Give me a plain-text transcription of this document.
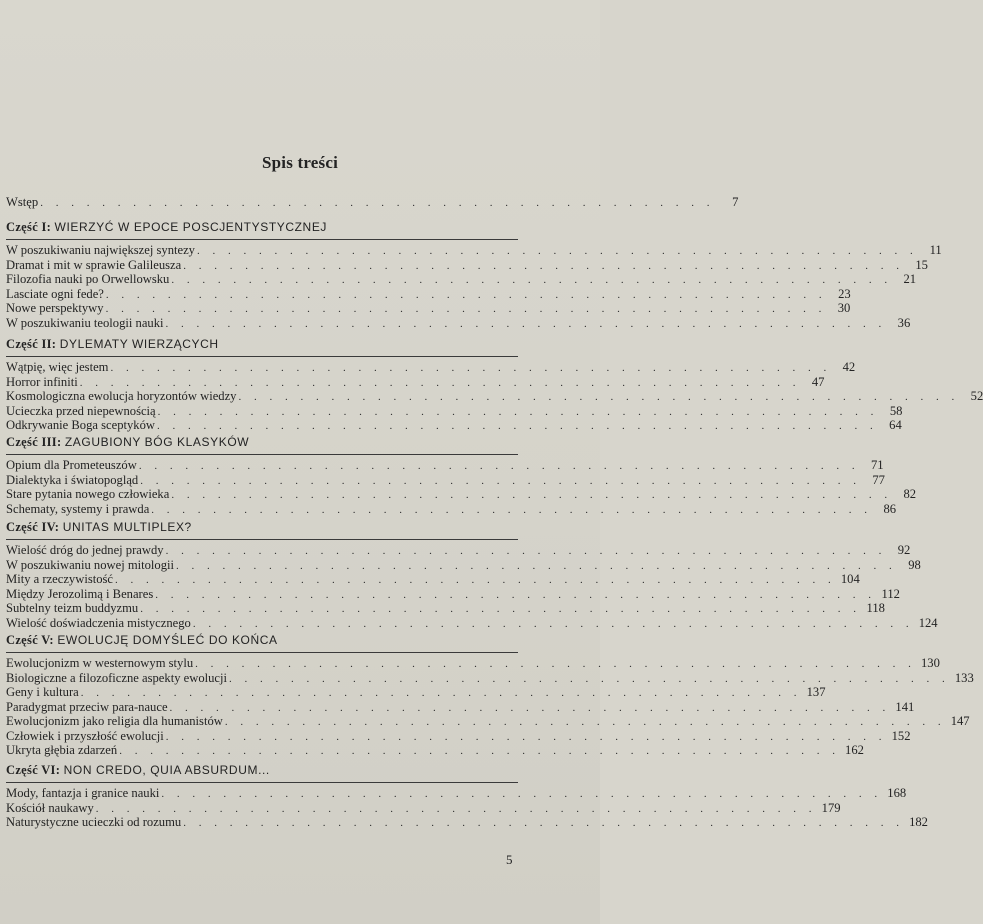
Spis treści
Wstęp . . . . . . . . . . . . . . . . . . . . . . . . . . . . . . . . . . . . . . . . . . . .	7
Część I: WIERZYĆ W EPOCE POSCJENTYSTYCZNEJ
W poszukiwaniu największej syntezy . . . . . . . . . . . . . . . . . . . . . . . . . . . . . . . . . . . . . . . . . . . . . . . 11
Dramat i mit w sprawie Galileusza . . . . . . . . . . . . . . . . . . . . . . . . . . . . . . . . . . . . . . . . . . . . . . . 15
Filozofia nauki po Orwellowsku . . . . . . . . . . . . . . . . . . . . . . . . . . . . . . . . . . . . . . . . . . . . . . . 21
Lasciate ogni fede? . . . . . . . . . . . . . . . . . . . . . . . . . . . . . . . . . . . . . . . . . . . . . . . 23
Nowe perspektywy . . . . . . . . . . . . . . . . . . . . . . . . . . . . . . . . . . . . . . . . . . . . . . . 30
W poszukiwaniu teologii nauki . . . . . . . . . . . . . . . . . . . . . . . . . . . . . . . . . . . . . . . . . . . . . . . 36
Część II: DYLEMATY WIERZĄCYCH
Wątpię, więc jestem . . . . . . . . . . . . . . . . . . . . . . . . . . . . . . . . . . . . . . . . . . . . . . . 42
Horror infiniti . . . . . . . . . . . . . . . . . . . . . . . . . . . . . . . . . . . . . . . . . . . . . . . 47
Kosmologiczna ewolucja horyzontów wiedzy . . . . . . . . . . . . . . . . . . . . . . . . . . . . . . . . . . . . . . . . . . . . . . . 52
Ucieczka przed niepewnością . . . . . . . . . . . . . . . . . . . . . . . . . . . . . . . . . . . . . . . . . . . . . . . 58
Odkrywanie Boga sceptyków . . . . . . . . . . . . . . . . . . . . . . . . . . . . . . . . . . . . . . . . . . . . . . . 64
Część III: ZAGUBIONY BÓG KLASYKÓW
Opium dla Prometeuszów . . . . . . . . . . . . . . . . . . . . . . . . . . . . . . . . . . . . . . . . . . . . . . . 71
Dialektyka i światopogląd . . . . . . . . . . . . . . . . . . . . . . . . . . . . . . . . . . . . . . . . . . . . . . . 77
Stare pytania nowego człowieka . . . . . . . . . . . . . . . . . . . . . . . . . . . . . . . . . . . . . . . . . . . . . . . 82
Schematy, systemy i prawda . . . . . . . . . . . . . . . . . . . . . . . . . . . . . . . . . . . . . . . . . . . . . . . 86
Część IV: UNITAS MULTIPLEX?
Wielość dróg do jednej prawdy . . . . . . . . . . . . . . . . . . . . . . . . . . . . . . . . . . . . . . . . . . . . . . . 92
W poszukiwaniu nowej mitologii . . . . . . . . . . . . . . . . . . . . . . . . . . . . . . . . . . . . . . . . . . . . . . . 98
Mity a rzeczywistość . . . . . . . . . . . . . . . . . . . . . . . . . . . . . . . . . . . . . . . . . . . . . . . 104
Między Jerozolimą i Benares . . . . . . . . . . . . . . . . . . . . . . . . . . . . . . . . . . . . . . . . . . . . . . . 112
Subtelny teizm buddyzmu . . . . . . . . . . . . . . . . . . . . . . . . . . . . . . . . . . . . . . . . . . . . . . . 118
Wielość doświadczenia mistycznego . . . . . . . . . . . . . . . . . . . . . . . . . . . . . . . . . . . . . . . . . . . . . . . 124
Część V: EWOLUCJĘ DOMYŚLEĆ DO KOŃCA
Ewolucjonizm w westernowym stylu . . . . . . . . . . . . . . . . . . . . . . . . . . . . . . . . . . . . . . . . . . . . . . . 130
Biologiczne a filozoficzne aspekty ewolucji . . . . . . . . . . . . . . . . . . . . . . . . . . . . . . . . . . . . . . . . . . . . . . . 133
Geny i kultura . . . . . . . . . . . . . . . . . . . . . . . . . . . . . . . . . . . . . . . . . . . . . . . 137
Paradygmat przeciw para-nauce . . . . . . . . . . . . . . . . . . . . . . . . . . . . . . . . . . . . . . . . . . . . . . . 141
Ewolucjonizm jako religia dla humanistów . . . . . . . . . . . . . . . . . . . . . . . . . . . . . . . . . . . . . . . . . . . . . . . 147
Człowiek i przyszłość ewolucji . . . . . . . . . . . . . . . . . . . . . . . . . . . . . . . . . . . . . . . . . . . . . . . 152
Ukryta głębia zdarzeń . . . . . . . . . . . . . . . . . . . . . . . . . . . . . . . . . . . . . . . . . . . . . . . 162
Część VI: NON CREDO, QUIA ABSURDUM...
Mody, fantazja i granice nauki . . . . . . . . . . . . . . . . . . . . . . . . . . . . . . . . . . . . . . . . . . . . . . . 168
Kościół naukawy . . . . . . . . . . . . . . . . . . . . . . . . . . . . . . . . . . . . . . . . . . . . . . . 179
Naturystyczne ucieczki od rozumu . . . . . . . . . . . . . . . . . . . . . . . . . . . . . . . . . . . . . . . . . . . . . . . 182
5
